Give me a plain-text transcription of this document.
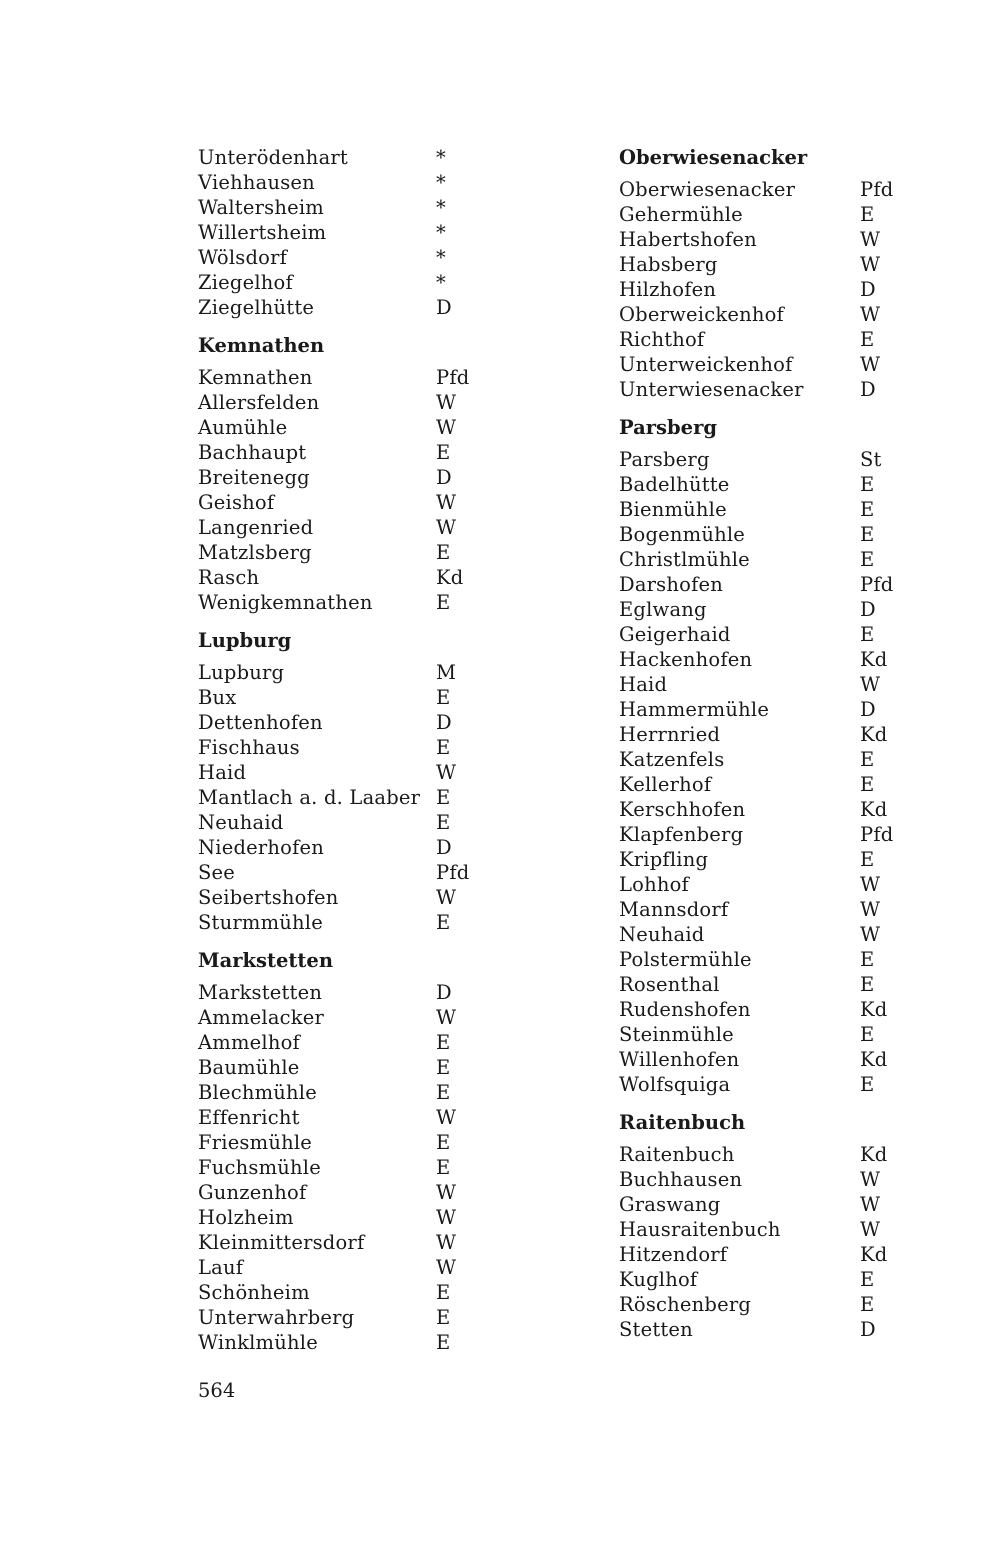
Unterödenhart	*
Viehhausen	*
Waltersheim	*
Willertsheim	*
Wölsdorf	*
Ziegelhof	*
Ziegelhütte	D
Kemnathen
Kemnathen	Pfd
Allersfelden	W
Aumühle	W
Bachhaupt	E
Breitenegg	D
Geishof	W
Langenried	W
Matzlsberg	E
Rasch	Kd
Wenigkemnathen	E
Lupburg
Lupburg	M
Bux	E
Dettenhofen	D
Fischhaus	E
Haid	W
Mantlach a. d. Laaber E
Neuhaid	E
Niederhofen	D
See	Pfd
Seibertshofen	W
Sturmmühle	E
Markstetten
Markstetten	D
Ammelacker	W
Ammelhof	E
Baumühle	E
Blechmühle	E
Effenricht	W
Friesmühle	E
Fuchsmühle	E
Gunzenhof	W
Holzheim	W
Kleinmittersdorf	W
Lauf	W
Schönheim	E
Unterwahrberg	E
Winklmühle	E
Oberwiesenacker
Oberwiesenacker	Pfd
Gehermühle	E
Habertshofen	W
Habsberg	W
Hilzhofen	D
Oberweickenhof	W
Richthof	E
Unterweickenhof	W
Unterwiesenacker	D
Parsberg
Parsberg	St
Badelhütte	E
Bienmühle	E
Bogenmühle	E
Christlmühle	E
Darshofen	Pfd
Eglwang	D
Geigerhaid	E
Hackenhofen	Kd
Haid	W
Hammermühle	D
Herrnried	Kd
Katzenfels	E
Kellerhof	E
Kerschhofen	Kd
Klapfenberg	Pfd
Kripfling	E
Lohhof	W
Mannsdorf	W
Neuhaid	W
Polstermühle	E
Rosenthal	E
Rudenshofen	Kd
Steinmühle	E
Willenhofen	Kd
Wolfsquiga	E
Raitenbuch
Raitenbuch	Kd
Buchhausen	W
Graswang	W
Hausraitenbuch	W
Hitzendorf	Kd
Kuglhof	E
Röschenberg	E
Stetten	D
564
